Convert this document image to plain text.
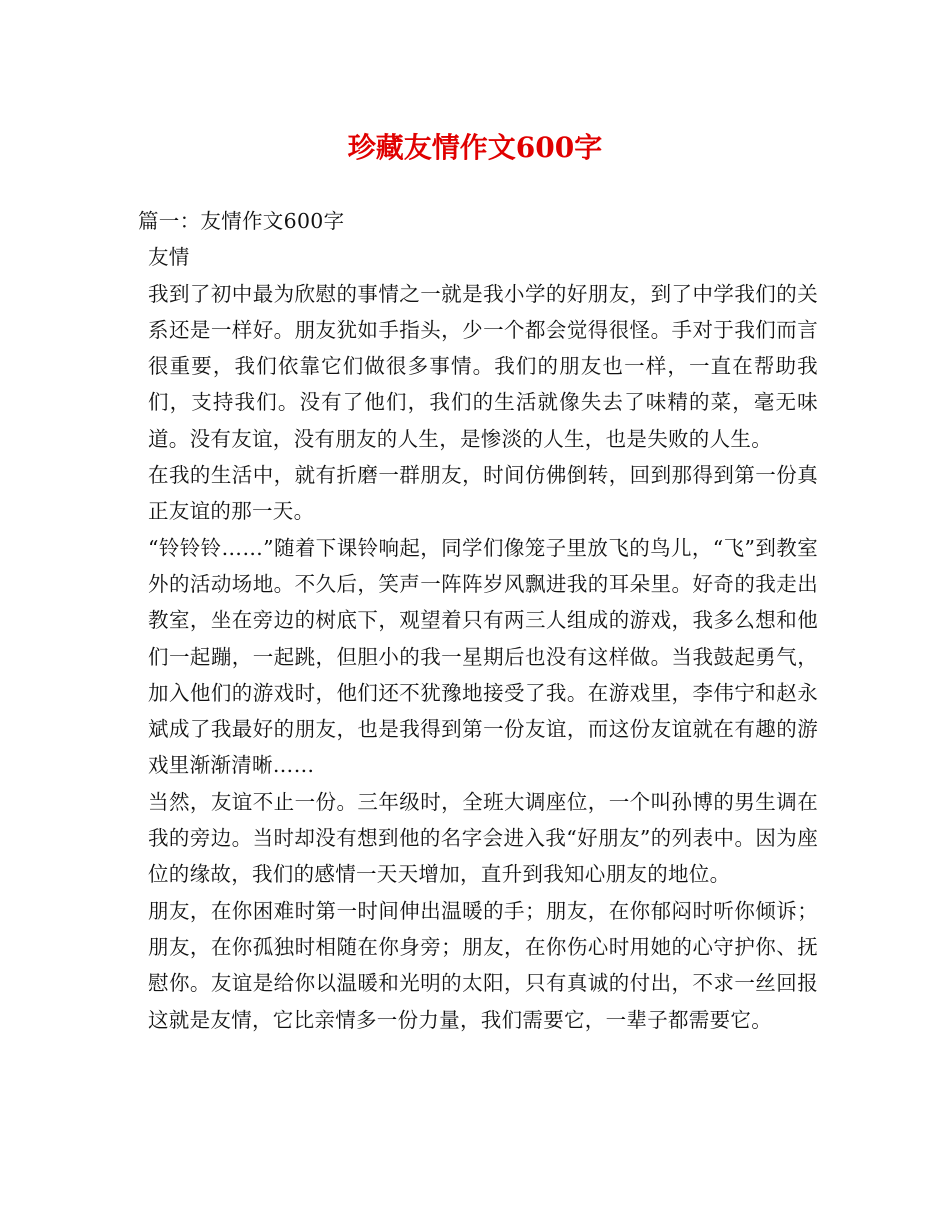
珍藏友情作文600字

篇一：友情作文600字

友情

我到了初中最为欣慰的事情之一就是我小学的好朋友，到了中学我们的关系还是一样好。朋友犹如手指头，少一个都会觉得很怪。手对于我们而言很重要，我们依靠它们做很多事情。我们的朋友也一样，一直在帮助我们，支持我们。没有了他们，我们的生活就像失去了味精的菜，毫无味道。没有友谊，没有朋友的人生，是惨淡的人生，也是失败的人生。

在我的生活中，就有折磨一群朋友，时间仿佛倒转，回到那得到第一份真正友谊的那一天。

“铃铃铃……”随着下课铃响起，同学们像笼子里放飞的鸟儿，“飞”到教室外的活动场地。不久后，笑声一阵阵岁风飘进我的耳朵里。好奇的我走出教室，坐在旁边的树底下，观望着只有两三人组成的游戏，我多么想和他们一起蹦，一起跳，但胆小的我一星期后也没有这样做。当我鼓起勇气，加入他们的游戏时，他们还不犹豫地接受了我。在游戏里，李伟宁和赵永斌成了我最好的朋友，也是我得到第一份友谊，而这份友谊就在有趣的游戏里渐渐清晰……

当然，友谊不止一份。三年级时，全班大调座位，一个叫孙博的男生调在我的旁边。当时却没有想到他的名字会进入我“好朋友”的列表中。因为座位的缘故，我们的感情一天天增加，直升到我知心朋友的地位。

朋友，在你困难时第一时间伸出温暖的手；朋友，在你郁闷时听你倾诉；朋友，在你孤独时相随在你身旁；朋友，在你伤心时用她的心守护你、抚慰你。友谊是给你以温暖和光明的太阳，只有真诚的付出，不求一丝回报这就是友情，它比亲情多一份力量，我们需要它，一辈子都需要它。
